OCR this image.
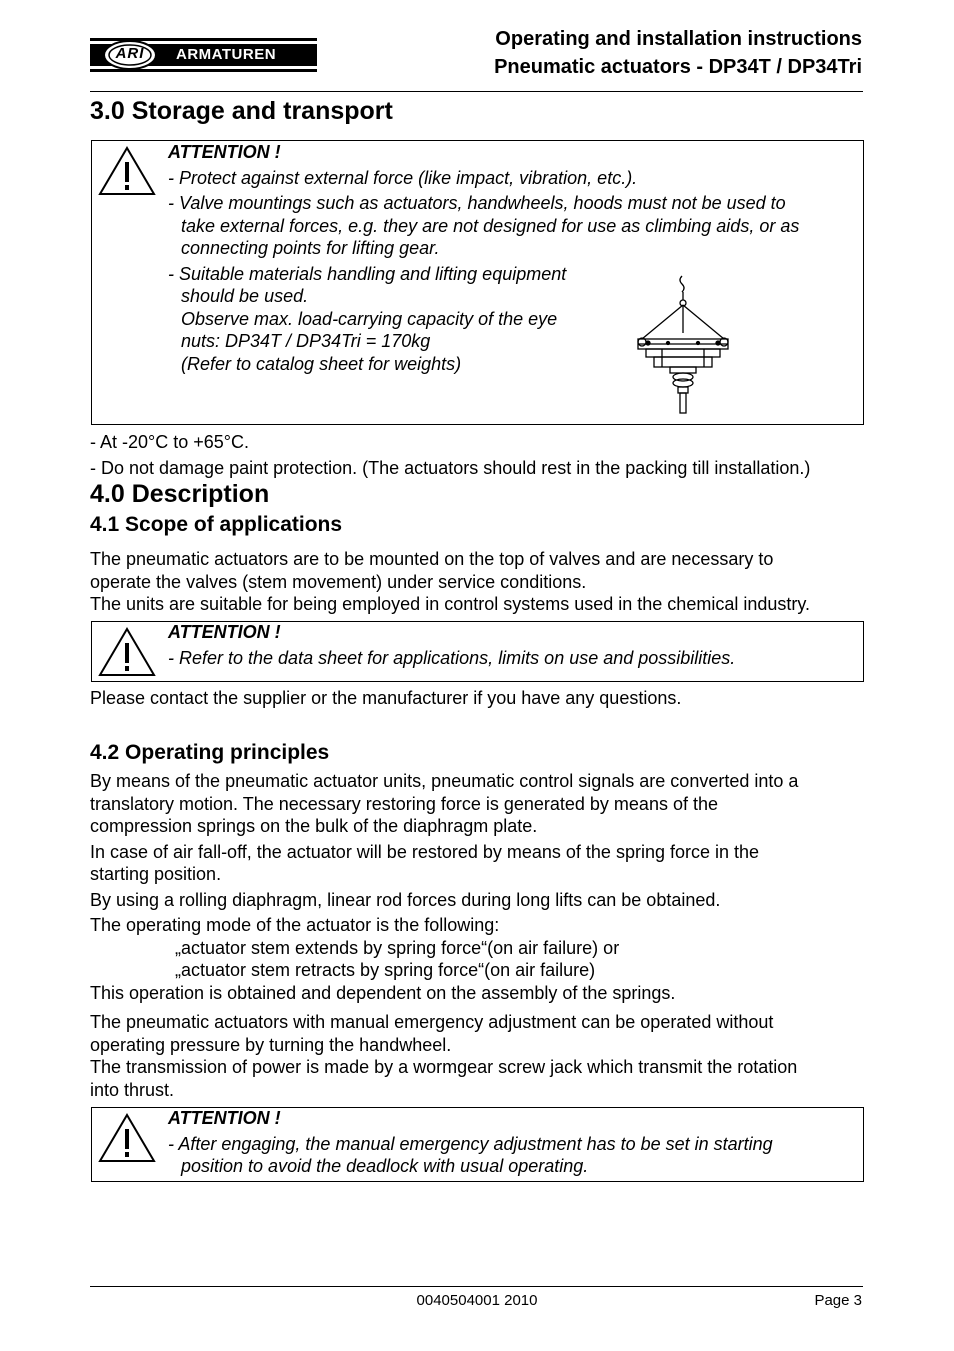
ARI ARMATUREN
Operating and installation instructions
Pneumatic actuators - DP34T / DP34Tri
3.0 Storage and transport
ATTENTION !
- Protect against external force (like impact, vibration, etc.).
- Valve mountings such as actuators, handwheels, hoods must not be used to
take external forces, e.g. they are not designed for use as climbing aids, or as
connecting points for lifting gear.
- Suitable materials handling and lifting equipment
should be used.
Observe max. load-carrying capacity of the eye
nuts: DP34T / DP34Tri = 170kg
(Refer to catalog sheet for weights)
- At -20°C to +65°C.
- Do not damage paint protection. (The actuators should rest in the packing till installation.)
4.0 Description
4.1 Scope of applications
The pneumatic actuators are to be mounted on the top of valves and are necessary to
operate the valves (stem movement) under service conditions.
The units are suitable for being employed in control systems used in the chemical industry.
ATTENTION !
- Refer to the data sheet for applications, limits on use and possibilities.
Please contact the supplier or the manufacturer if you have any questions.
4.2 Operating principles
By means of the pneumatic actuator units, pneumatic control signals are converted into a
translatory motion. The necessary restoring force is generated by means of the
compression springs on the bulk of the diaphragm plate.
In case of air fall-off, the actuator will be restored by means of the spring force in the
starting position.
By using a rolling diaphragm, linear rod forces during long lifts can be obtained.
The operating mode of the actuator is the following:
„actuator stem extends by spring force“(on air failure) or
„actuator stem retracts by spring force“(on air failure)
This operation is obtained and dependent on the assembly of the springs.
The pneumatic actuators with manual emergency adjustment can be operated without
operating pressure by turning the handwheel.
The transmission of power is made by a wormgear screw jack which transmit the rotation
into thrust.
ATTENTION !
- After engaging, the manual emergency adjustment has to be set in starting
position to avoid the deadlock with usual operating.
0040504001 2010	Page 3
